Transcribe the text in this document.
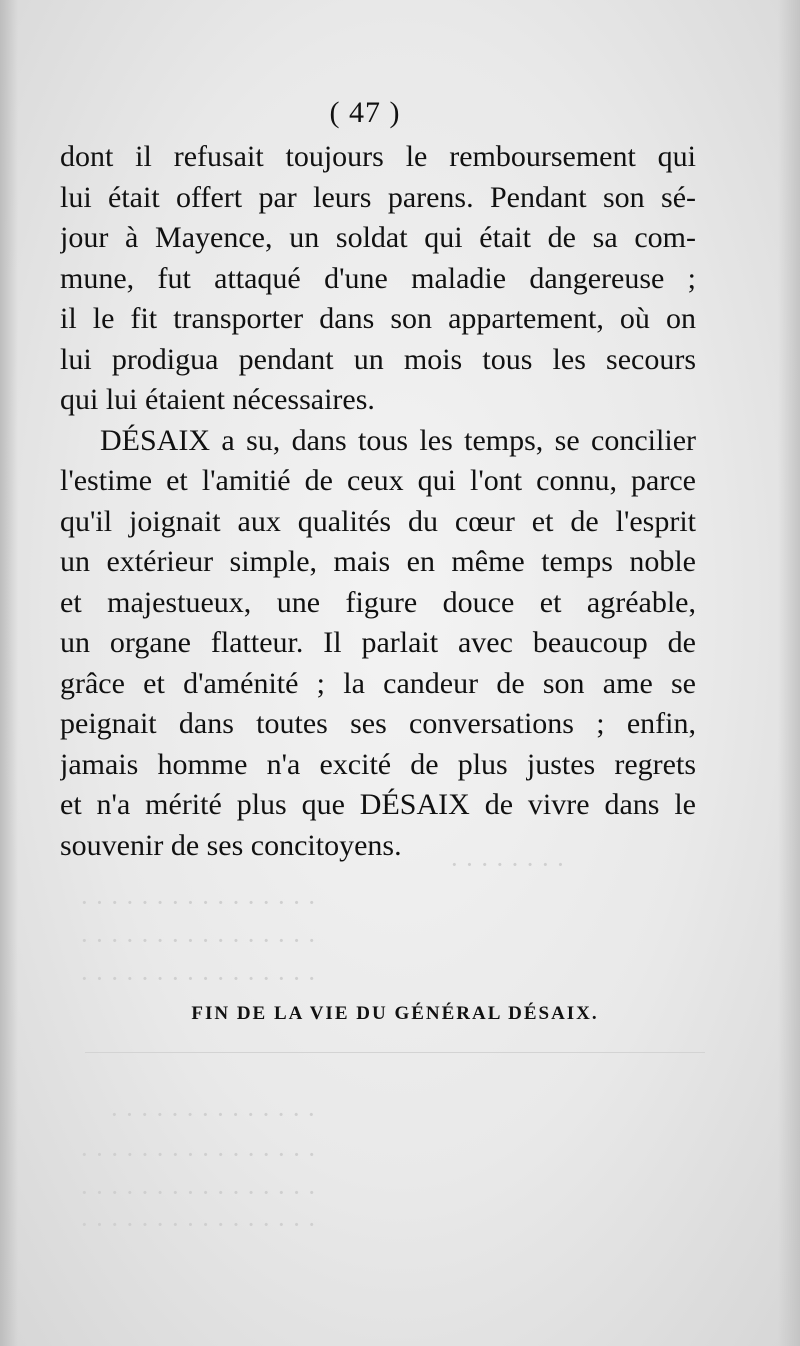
· · · · · · · ·
· · · · · · · · · · · · · · · ·
· · · · · · · · · · · · · · · ·
· · · · · · · · · · · · · · · ·
· · · · · · · · · · · · · ·
· · · · · · · · · · · · · · · ·
· · · · · · · · · · · · · · · ·
· · · · · · · · · · · · · · · ·
( 47 )
dont il refusait toujours le remboursement qui
lui était offert par leurs parens. Pendant son sé-
jour à Mayence, un soldat qui était de sa com-
mune, fut attaqué d'une maladie dangereuse ;
il le fit transporter dans son appartement, où on
lui prodigua pendant un mois tous les secours
qui lui étaient nécessaires.
DÉSAIX a su, dans tous les temps, se concilier
l'estime et l'amitié de ceux qui l'ont connu, parce
qu'il joignait aux qualités du cœur et de l'esprit
un extérieur simple, mais en même temps noble
et majestueux, une figure douce et agréable,
un organe flatteur. Il parlait avec beaucoup de
grâce et d'aménité ; la candeur de son ame se
peignait dans toutes ses conversations ; enfin,
jamais homme n'a excité de plus justes regrets
et n'a mérité plus que DÉSAIX de vivre dans le
souvenir de ses concitoyens.
FIN DE LA VIE DU GÉNÉRAL DÉSAIX.
